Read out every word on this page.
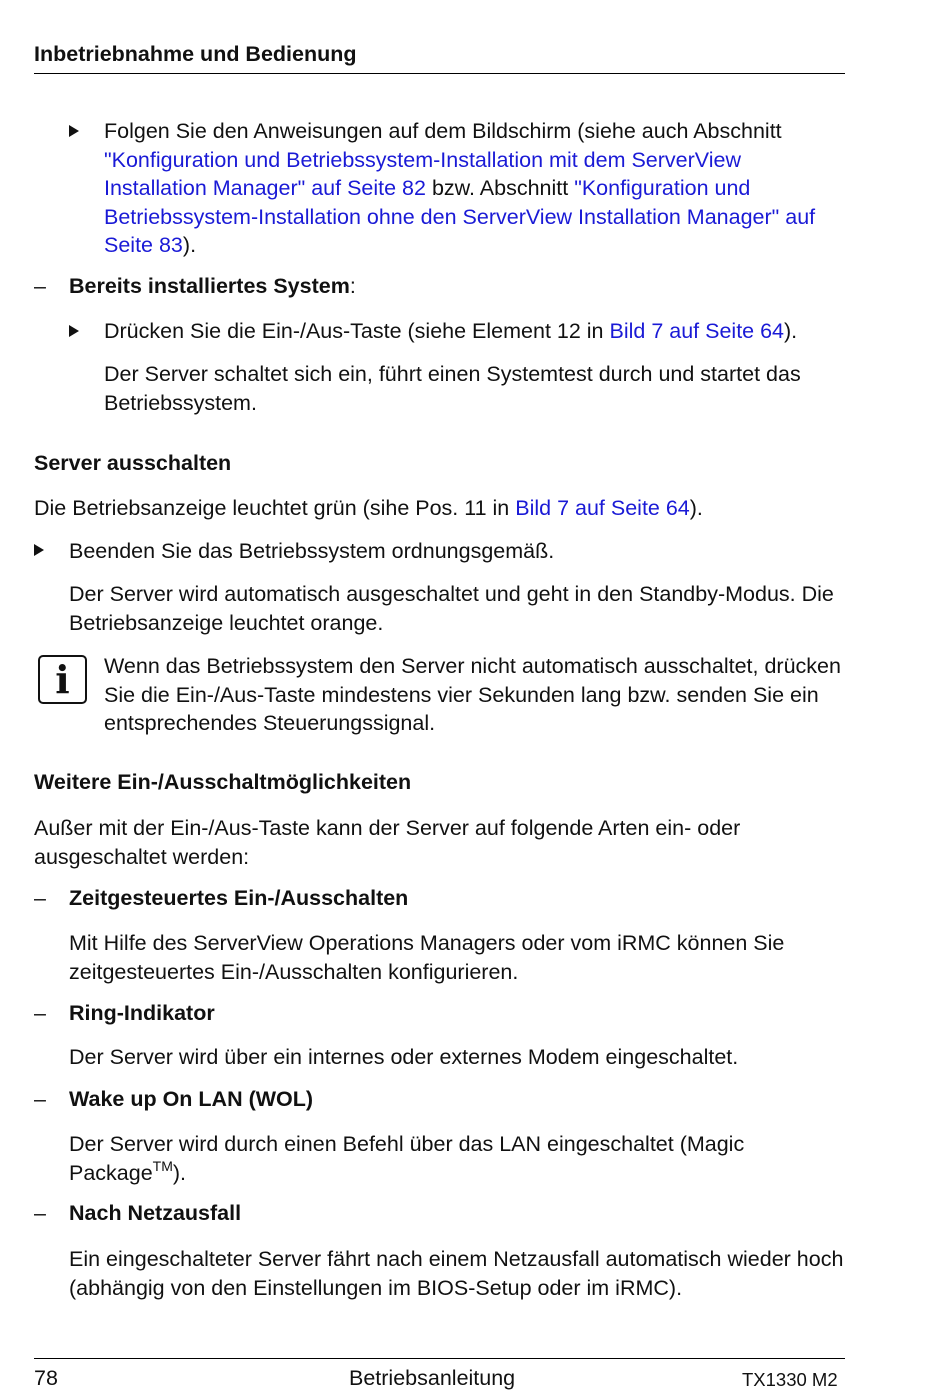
Inbetriebnahme und Bedienung
Folgen Sie den Anweisungen auf dem Bildschirm (siehe auch Abschnitt "Konfiguration und Betriebssystem-Installation mit dem ServerView Installation Manager" auf Seite 82 bzw. Abschnitt "Konfiguration und Betriebssystem-Installation ohne den ServerView Installation Manager" auf Seite 83).
– Bereits installiertes System:
Drücken Sie die Ein-/Aus-Taste (siehe Element 12 in Bild 7 auf Seite 64).
Der Server schaltet sich ein, führt einen Systemtest durch und startet das Betriebssystem.
Server ausschalten
Die Betriebsanzeige leuchtet grün (sihe Pos. 11 in Bild 7 auf Seite 64).
Beenden Sie das Betriebssystem ordnungsgemäß.
Der Server wird automatisch ausgeschaltet und geht in den Standby-Modus. Die Betriebsanzeige leuchtet orange.
i	Wenn das Betriebssystem den Server nicht automatisch ausschaltet, drücken Sie die Ein-/Aus-Taste mindestens vier Sekunden lang bzw. senden Sie ein entsprechendes Steuerungssignal.
Weitere Ein-/Ausschaltmöglichkeiten
Außer mit der Ein-/Aus-Taste kann der Server auf folgende Arten ein- oder ausgeschaltet werden:
– Zeitgesteuertes Ein-/Ausschalten
Mit Hilfe des ServerView Operations Managers oder vom iRMC können Sie zeitgesteuertes Ein-/Ausschalten konfigurieren.
– Ring-Indikator
Der Server wird über ein internes oder externes Modem eingeschaltet.
– Wake up On LAN (WOL)
Der Server wird durch einen Befehl über das LAN eingeschaltet (Magic Package™).
– Nach Netzausfall
Ein eingeschalteter Server fährt nach einem Netzausfall automatisch wieder hoch (abhängig von den Einstellungen im BIOS-Setup oder im iRMC).
78	Betriebsanleitung	TX1330 M2
